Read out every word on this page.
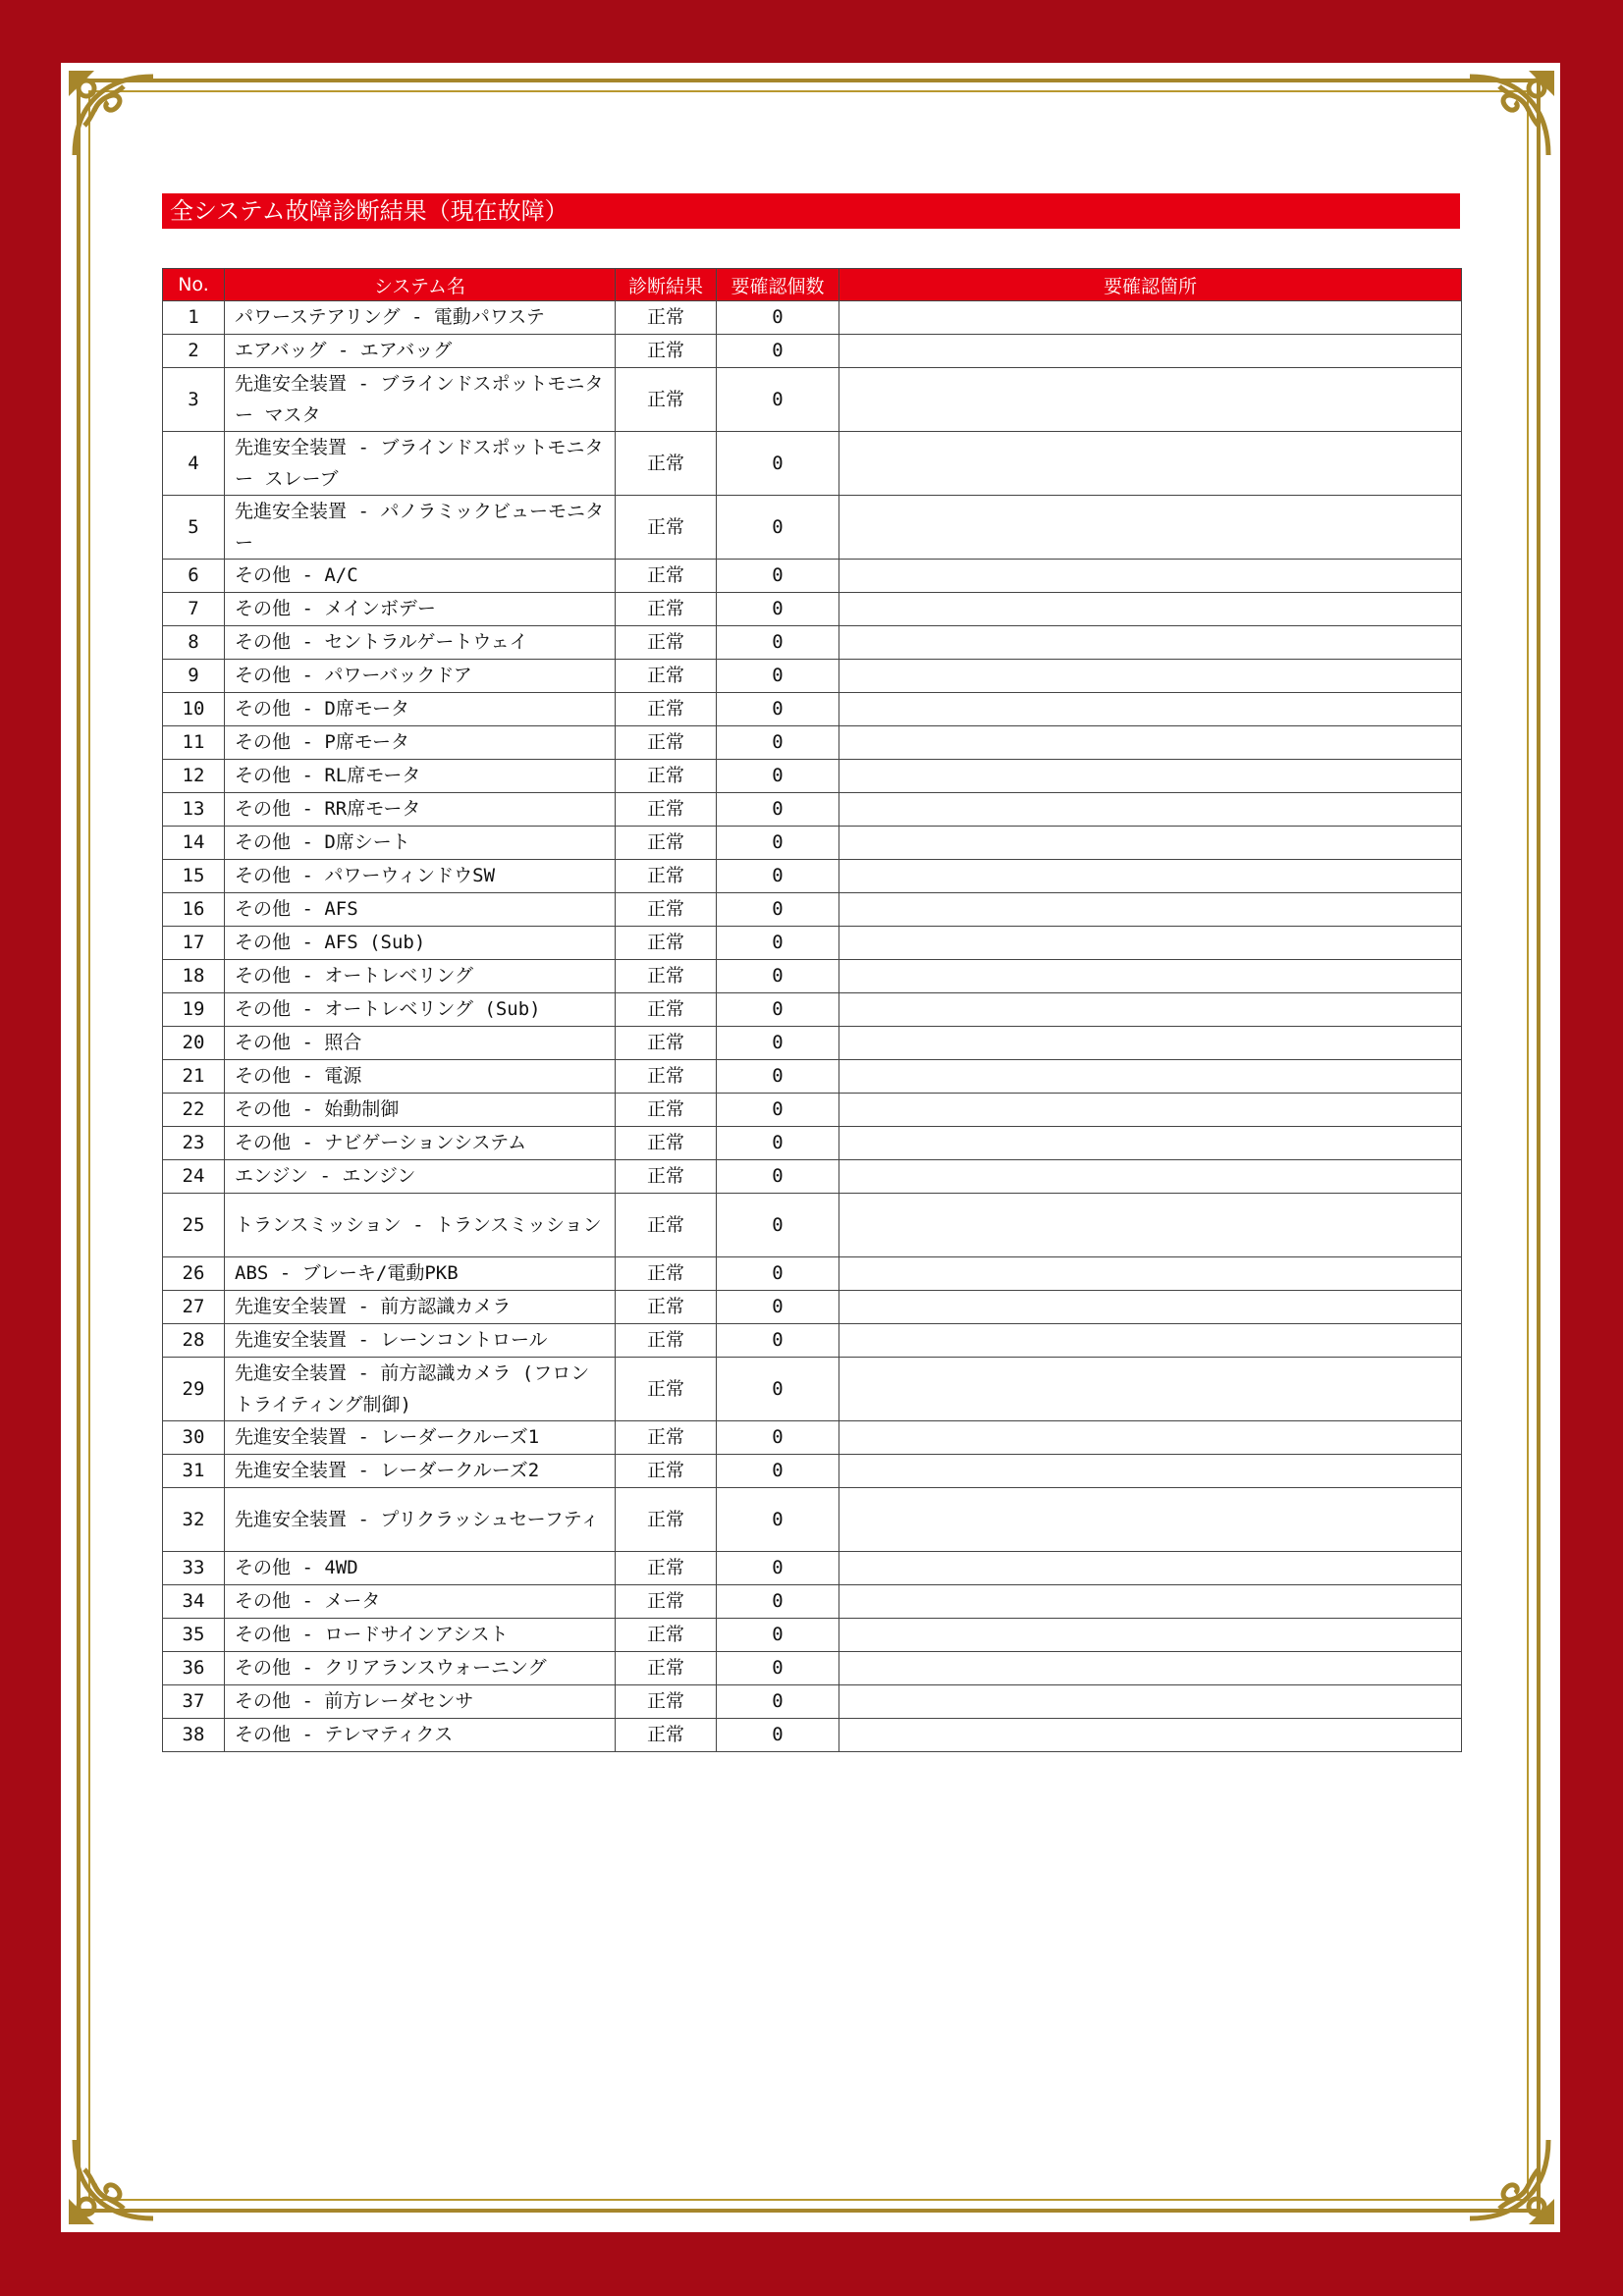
全システム故障診断結果（現在故障）
No.	システム名	診断結果	要確認個数	要確認箇所
1	パワーステアリング - 電動パワステ	正常	0	
2	エアバッグ - エアバッグ	正常	0	
3	先進安全装置 - ブラインドスポットモニター マスタ	正常	0	
4	先進安全装置 - ブラインドスポットモニター スレーブ	正常	0	
5	先進安全装置 - パノラミックビューモニター	正常	0	
6	その他 - A/C	正常	0	
7	その他 - メインボデー	正常	0	
8	その他 - セントラルゲートウェイ	正常	0	
9	その他 - パワーバックドア	正常	0	
10	その他 - D席モータ	正常	0	
11	その他 - P席モータ	正常	0	
12	その他 - RL席モータ	正常	0	
13	その他 - RR席モータ	正常	0	
14	その他 - D席シート	正常	0	
15	その他 - パワーウィンドウSW	正常	0	
16	その他 - AFS	正常	0	
17	その他 - AFS (Sub)	正常	0	
18	その他 - オートレベリング	正常	0	
19	その他 - オートレベリング (Sub)	正常	0	
20	その他 - 照合	正常	0	
21	その他 - 電源	正常	0	
22	その他 - 始動制御	正常	0	
23	その他 - ナビゲーションシステム	正常	0	
24	エンジン - エンジン	正常	0	
25	トランスミッション - トランスミッション	正常	0	
26	ABS - ブレーキ/電動PKB	正常	0	
27	先進安全装置 - 前方認識カメラ	正常	0	
28	先進安全装置 - レーンコントロール	正常	0	
29	先進安全装置 - 前方認識カメラ (フロントライティング制御)	正常	0	
30	先進安全装置 - レーダークルーズ1	正常	0	
31	先進安全装置 - レーダークルーズ2	正常	0	
32	先進安全装置 - プリクラッシュセーフティ	正常	0	
33	その他 - 4WD	正常	0	
34	その他 - メータ	正常	0	
35	その他 - ロードサインアシスト	正常	0	
36	その他 - クリアランスウォーニング	正常	0	
37	その他 - 前方レーダセンサ	正常	0	
38	その他 - テレマティクス	正常	0	
